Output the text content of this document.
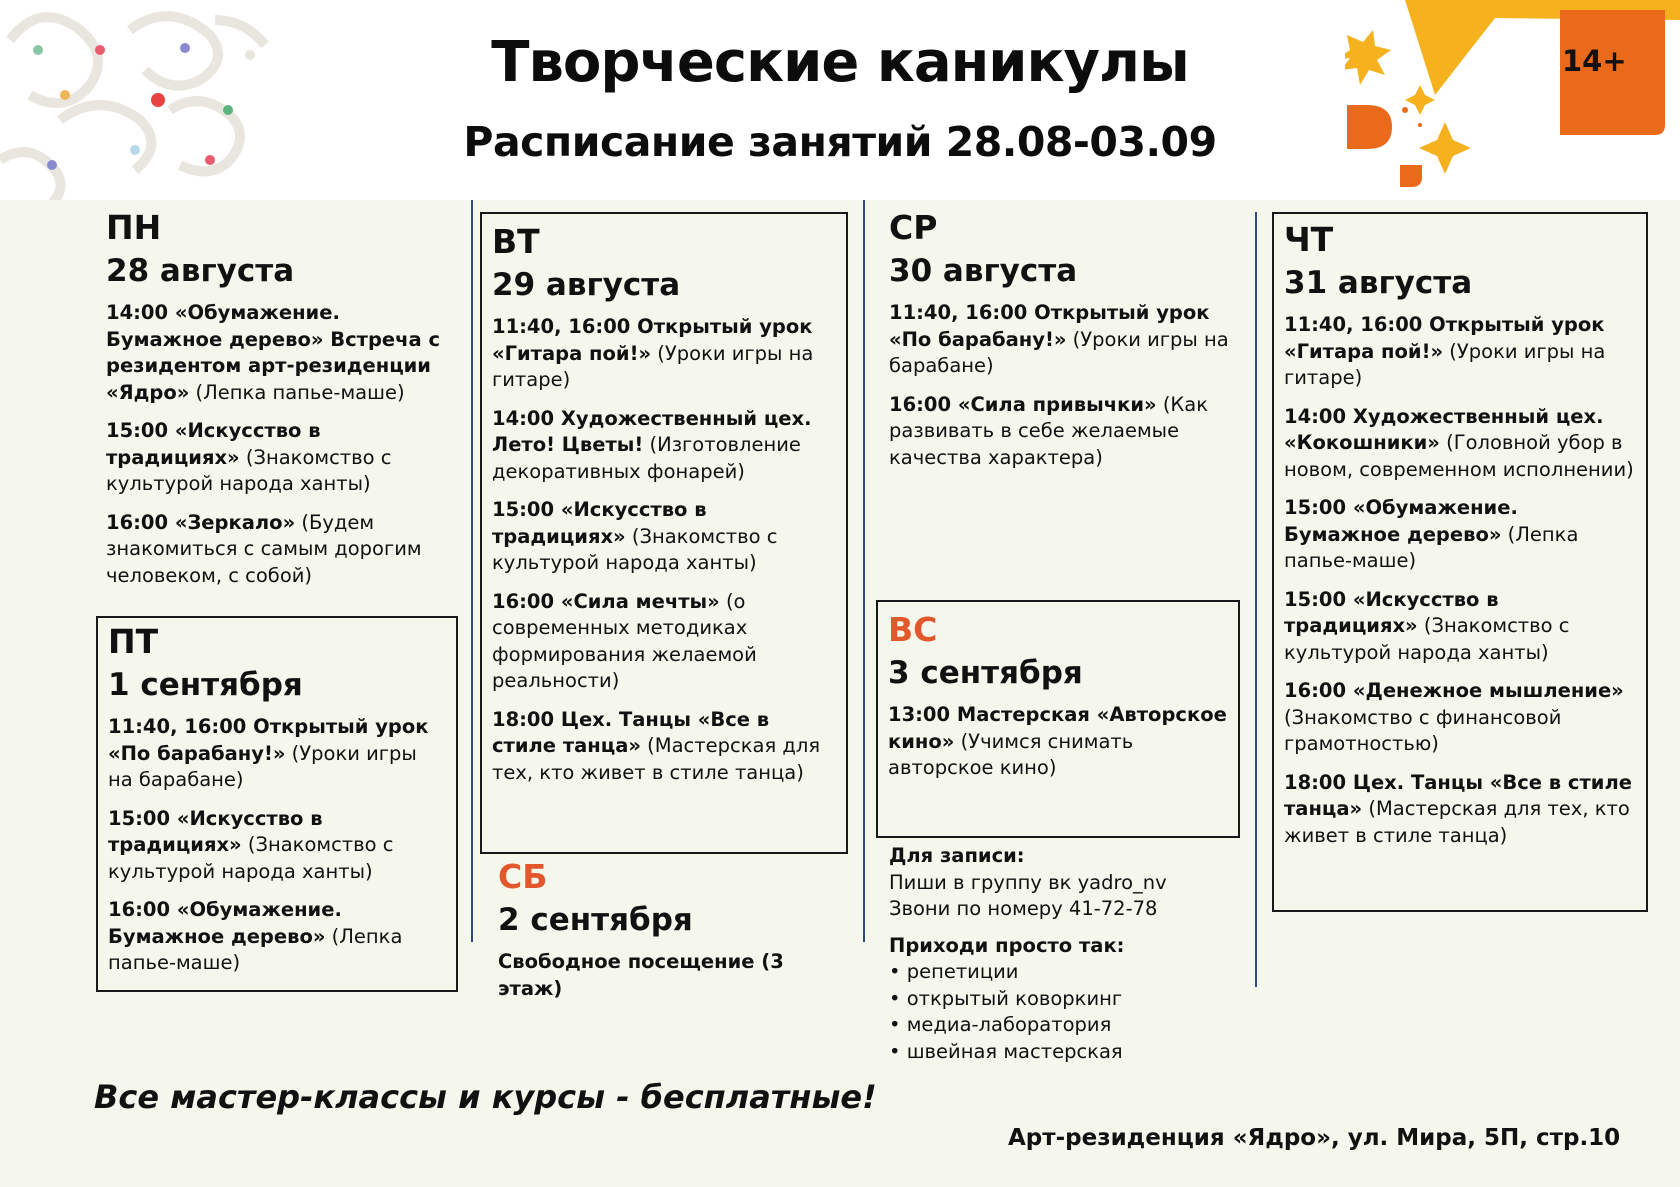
Творческие каникулы
Расписание занятий 28.08-03.09
14+
ПН
28 августа
14:00 «Обумажение. Бумажное дерево» Встреча с резидентом арт-резиденции «Ядро» (Лепка папье-маше)
15:00 «Искусство в традициях» (Знакомство с культурой народа ханты)
16:00 «Зеркало» (Будем знакомиться с самым дорогим человеком, с собой)
ПТ
1 сентября
11:40, 16:00 Открытый урок «По барабану!» (Уроки игры на барабане)
15:00 «Искусство в традициях» (Знакомство с культурой народа ханты)
16:00 «Обумажение. Бумажное дерево» (Лепка папье-маше)
ВТ
29 августа
11:40, 16:00 Открытый урок «Гитара пой!» (Уроки игры на гитаре)
14:00 Художественный цех. Лето! Цветы! (Изготовление декоративных фонарей)
15:00 «Искусство в традициях» (Знакомство с культурой народа ханты)
16:00 «Сила мечты» (о современных методиках формирования желаемой реальности)
18:00 Цех. Танцы «Все в стиле танца» (Мастерская для тех, кто живет в стиле танца)
СБ
2 сентября
Свободное посещение (3 этаж)
СР
30 августа
11:40, 16:00 Открытый урок «По барабану!» (Уроки игры на барабане)
16:00 «Сила привычки» (Как развивать в себе желаемые качества характера)
ВС
3 сентября
13:00 Мастерская «Авторское кино» (Учимся снимать авторское кино)
Для записи:
Пиши в группу вк yadro_nv
Звони по номеру 41-72-78
Приходи просто так:
• репетиции
• открытый коворкинг
• медиа-лаборатория
• швейная мастерская
ЧТ
31 августа
11:40, 16:00 Открытый урок «Гитара пой!» (Уроки игры на гитаре)
14:00 Художественный цех. «Кокошники» (Головной убор в новом, современном исполнении)
15:00 «Обумажение. Бумажное дерево» (Лепка папье-маше)
15:00 «Искусство в традициях» (Знакомство с культурой народа ханты)
16:00 «Денежное мышление» (Знакомство с финансовой грамотностью)
18:00 Цех. Танцы «Все в стиле танца» (Мастерская для тех, кто живет в стиле танца)
Все мастер-классы и курсы - бесплатные!
Арт-резиденция «Ядро», ул. Мира, 5П, стр.10
